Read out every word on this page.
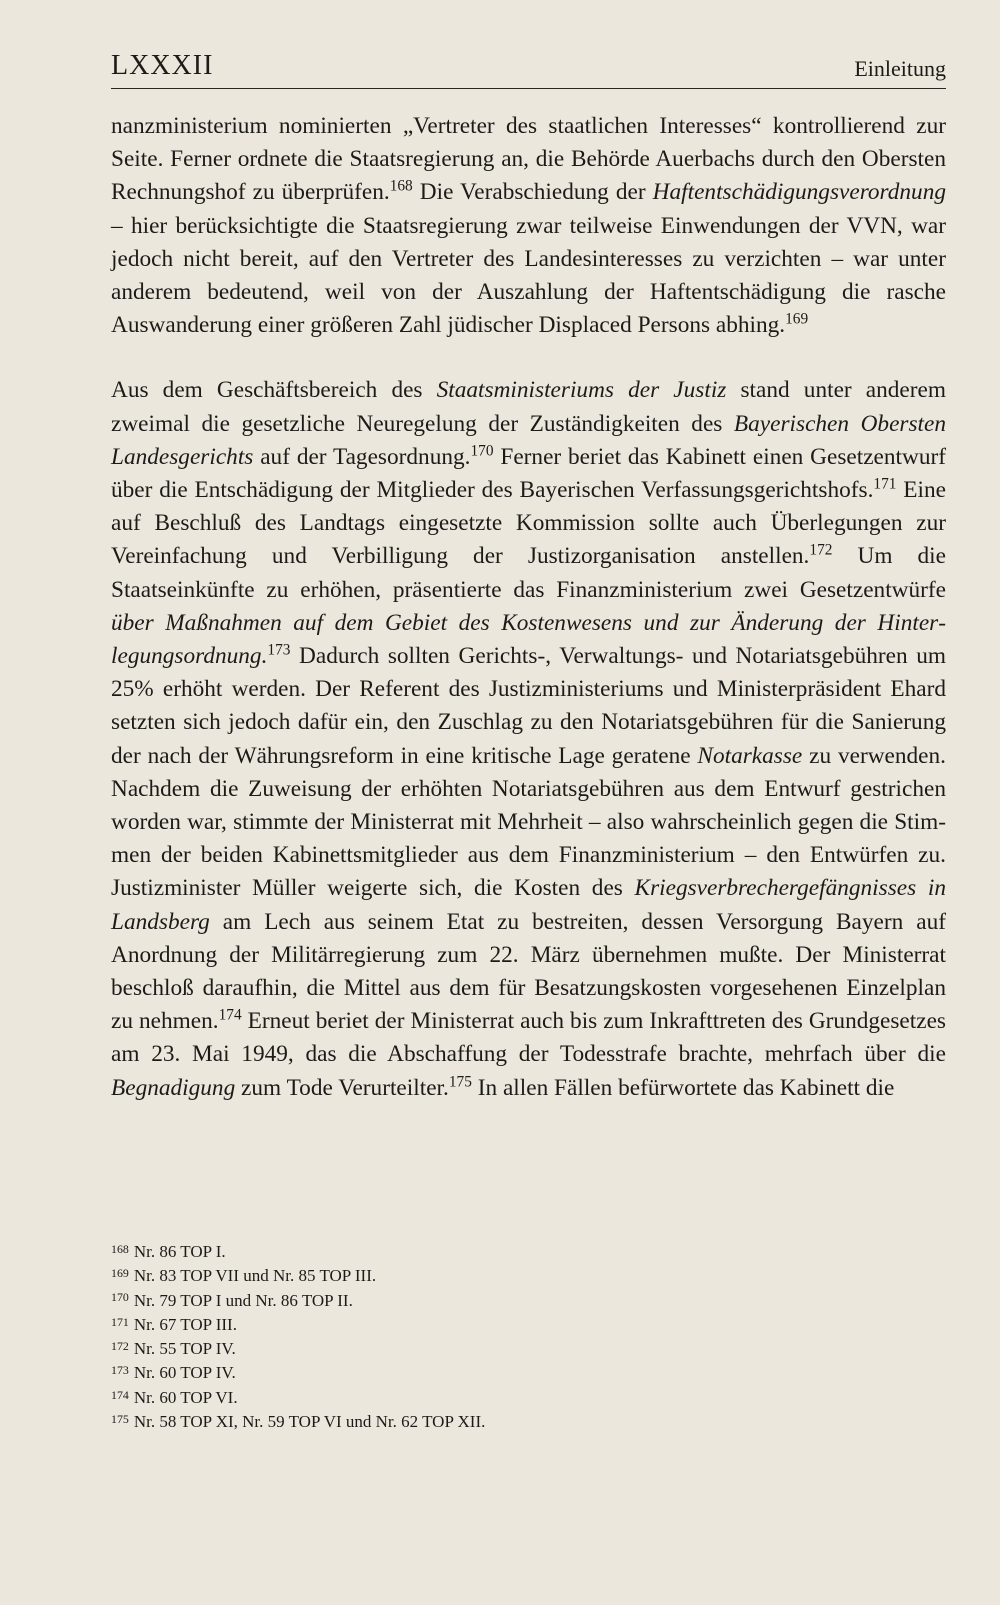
LXXXII	Einleitung

nanzministerium nominierten „Vertreter des staatlichen Interesses“ kontrollierend zur Seite. Ferner ordnete die Staatsregierung an, die Behörde Auerbachs durch den Obersten Rechnungshof zu überprüfen.$^{168}$ Die Verabschiedung der Haftentschädigungsverordnung – hier berücksichtigte die Staatsregierung zwar teilweise Einwendungen der VVN, war jedoch nicht bereit, auf den Vertreter des Landesinteresses zu verzichten – war unter anderem bedeutend, weil von der Auszahlung der Haftentschädigung die rasche Auswanderung einer größeren Zahl jüdischer Displaced Persons abhing.$^{169}$

Aus dem Geschäftsbereich des Staatsministeriums der Justiz stand unter anderem zweimal die gesetzliche Neuregelung der Zuständigkeiten des Bayerischen Obersten Landesgerichts auf der Tagesordnung.$^{170}$ Ferner beriet das Kabinett einen Gesetzentwurf über die Entschädigung der Mitglieder des Bayerischen Verfassungsgerichtshofs.$^{171}$ Eine auf Beschluß des Landtags eingesetzte Kommission sollte auch Überlegungen zur Vereinfachung und Verbilligung der Justizorganisation anstellen.$^{172}$ Um die Staatseinkünfte zu erhöhen, präsentierte das Finanzministerium zwei Gesetzentwürfe über Maßnahmen auf dem Gebiet des Kostenwesens und zur Änderung der Hinterlegungsordnung.$^{173}$ Dadurch sollten Gerichts-, Verwaltungs- und Notariatsgebühren um 25% erhöht werden. Der Referent des Justizministeriums und Ministerpräsident Ehard setzten sich jedoch dafür ein, den Zuschlag zu den Notariatsgebühren für die Sanierung der nach der Währungsreform in eine kritische Lage geratene Notarkasse zu verwenden. Nachdem die Zuweisung der erhöhten Notariatsgebühren aus dem Entwurf gestrichen worden war, stimmte der Ministerrat mit Mehrheit – also wahrscheinlich gegen die Stimmen der beiden Kabinettsmitglieder aus dem Finanzministerium – den Entwürfen zu. Justizminister Müller weigerte sich, die Kosten des Kriegsverbrechergefängnisses in Landsberg am Lech aus seinem Etat zu bestreiten, dessen Versorgung Bayern auf Anordnung der Militärregierung zum 22. März übernehmen mußte. Der Ministerrat beschloß daraufhin, die Mittel aus dem für Besatzungskosten vorgesehenen Einzelplan zu nehmen.$^{174}$ Erneut beriet der Ministerrat auch bis zum Inkrafttreten des Grundgesetzes am 23. Mai 1949, das die Abschaffung der Todesstrafe brachte, mehrfach über die Begnadigung zum Tode Verurteilter.$^{175}$ In allen Fällen befürwortete das Kabinett die

$^{168}$ Nr. 86 TOP I.
$^{169}$ Nr. 83 TOP VII und Nr. 85 TOP III.
$^{170}$ Nr. 79 TOP I und Nr. 86 TOP II.
$^{171}$ Nr. 67 TOP III.
$^{172}$ Nr. 55 TOP IV.
$^{173}$ Nr. 60 TOP IV.
$^{174}$ Nr. 60 TOP VI.
$^{175}$ Nr. 58 TOP XI, Nr. 59 TOP VI und Nr. 62 TOP XII.
